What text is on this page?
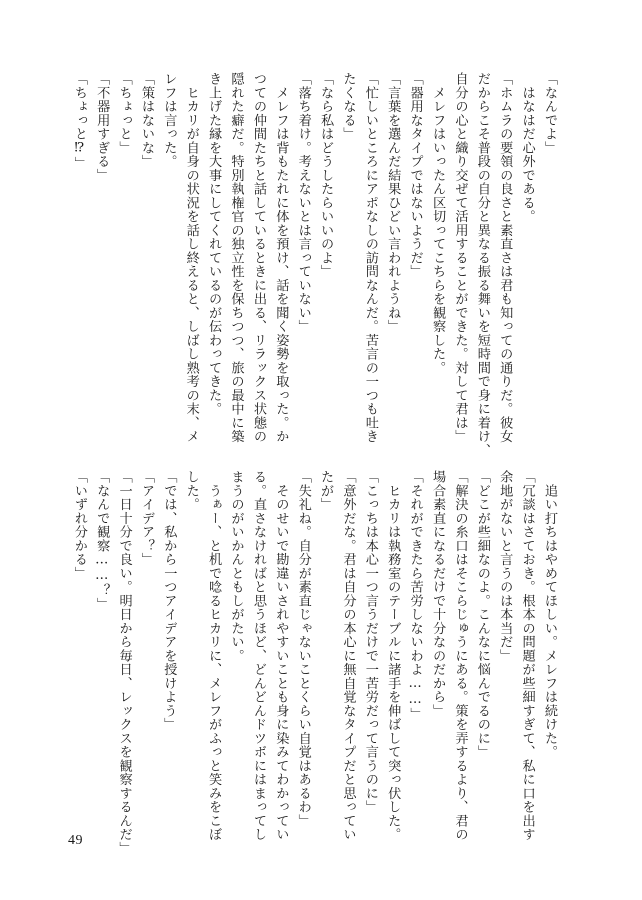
「なんでよ」
　はなはだ心外である。
「ホムラの要領の良さと素直さは君も知っての通りだ。彼女
だからこそ普段の自分と異なる振る舞いを短時間で身に着け、
自分の心と織り交ぜて活用することができた。対して君は」
　メレフはいったん区切ってこちらを観察した。
「器用なタイプではないようだ」
「言葉を選んだ結果ひどい言われようね」
「忙しいところにアポなしの訪問なんだ。苦言の一つも吐き
たくなる」
「なら私はどうしたらいいのよ」
「落ち着け。考えないとは言っていない」
　メレフは背もたれに体を預け、話を聞く姿勢を取った。か
つての仲間たちと話しているときに出る、リラックス状態の
隠れた癖だ。特別執権官の独立性を保ちつつ、旅の最中に築
き上げた縁を大事にしてくれているのが伝わってきた。
　ヒカリが自身の状況を話し終えると、しばし熟考の末、メ
レフは言った。
「策はないな」
「ちょっと」
「不器用すぎる」
「ちょっと⁉」
　追い打ちはやめてほしい。メレフは続けた。
「冗談はさておき。根本の問題が些細すぎて、私に口を出す
余地がないと言うのは本当だ」
「どこが些細なのよ。こんなに悩んでるのに」
「解決の糸口はそこらじゅうにある。策を弄するより、君の
場合素直になるだけで十分なのだから」
「それができたら苦労しないわよ……」
　ヒカリは執務室のテーブルに諸手を伸ばして突っ伏した。
「こっちは本心一つ言うだけで一苦労だって言うのに」
「意外だな。君は自分の本心に無自覚なタイプだと思ってい
たが」
「失礼ね。自分が素直じゃないことくらい自覚はあるわ」
　そのせいで勘違いされやすいことも身に染みてわかってい
る。直さなければと思うほど、どんどんドツボにはまってし
まうのがいかんともしがたい。
　うぁー、と机で唸るヒカリに、メレフがふっと笑みをこぼ
した。
「では、私から一つアイデアを授けよう」
「アイデア？」
「一日十分で良い。明日から毎日、レックスを観察するんだ」
「なんで観察……？」
「いずれ分かる」
49
